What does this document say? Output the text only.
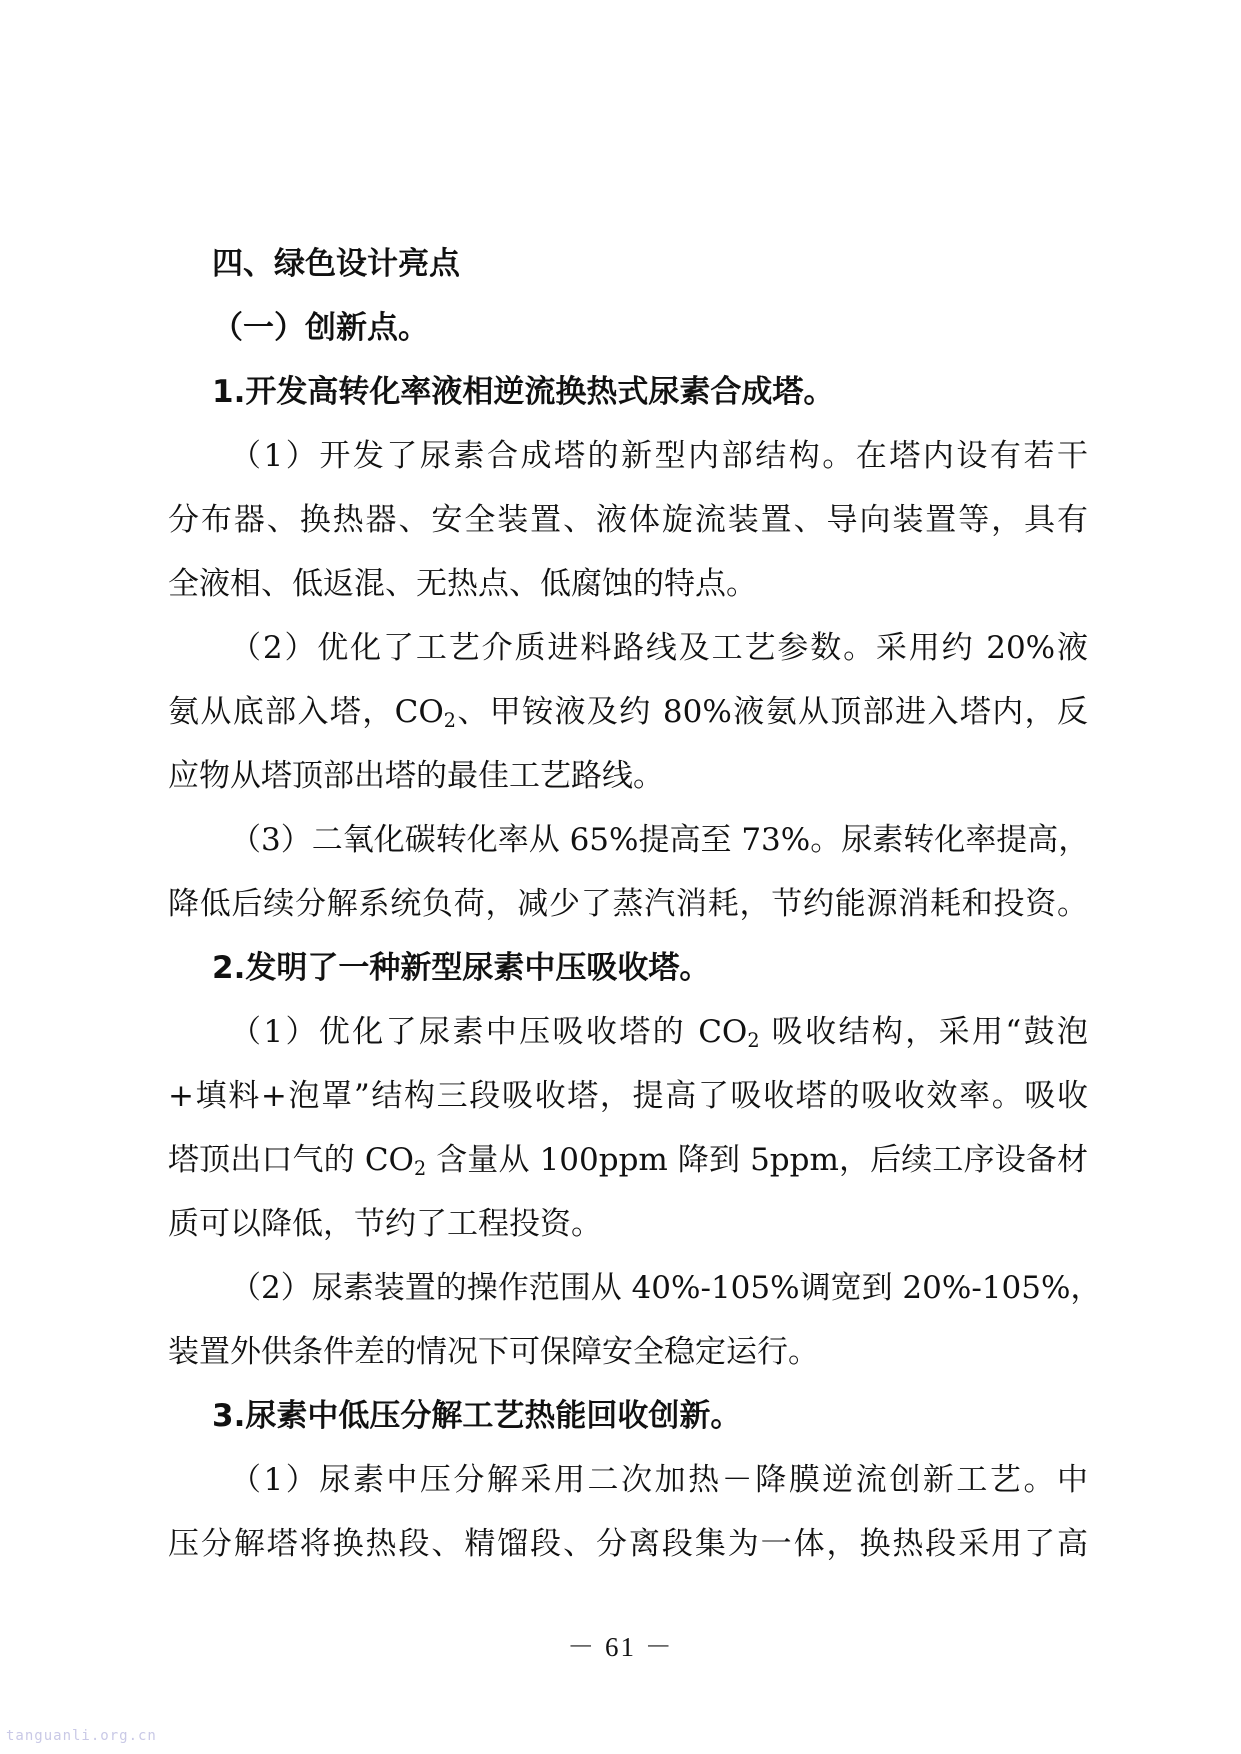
四、绿色设计亮点
（一）创新点。
1.开发高转化率液相逆流换热式尿素合成塔。
（1）开发了尿素合成塔的新型内部结构。在塔内设有若干
分布器、换热器、安全装置、液体旋流装置、导向装置等，具有
全液相、低返混、无热点、低腐蚀的特点。
（2）优化了工艺介质进料路线及工艺参数。采用约 20%液
氨从底部入塔，$CO_2$、甲铵液及约 80%液氨从顶部进入塔内，反
应物从塔顶部出塔的最佳工艺路线。
（3）二氧化碳转化率从 65%提高至 73%。尿素转化率提高，
降低后续分解系统负荷，减少了蒸汽消耗，节约能源消耗和投资。
2.发明了一种新型尿素中压吸收塔。
（1）优化了尿素中压吸收塔的 $CO_2$ 吸收结构，采用“鼓泡
+填料+泡罩”结构三段吸收塔，提高了吸收塔的吸收效率。吸收
塔顶出口气的 $CO_2$ 含量从 100ppm 降到 5ppm，后续工序设备材
质可以降低，节约了工程投资。
（2）尿素装置的操作范围从 40%-105%调宽到 20%-105%，
装置外供条件差的情况下可保障安全稳定运行。
3.尿素中低压分解工艺热能回收创新。
（1）尿素中压分解采用二次加热－降膜逆流创新工艺。中
压分解塔将换热段、精馏段、分离段集为一体，换热段采用了高
－ 61 －
tanguanli.org.cn
